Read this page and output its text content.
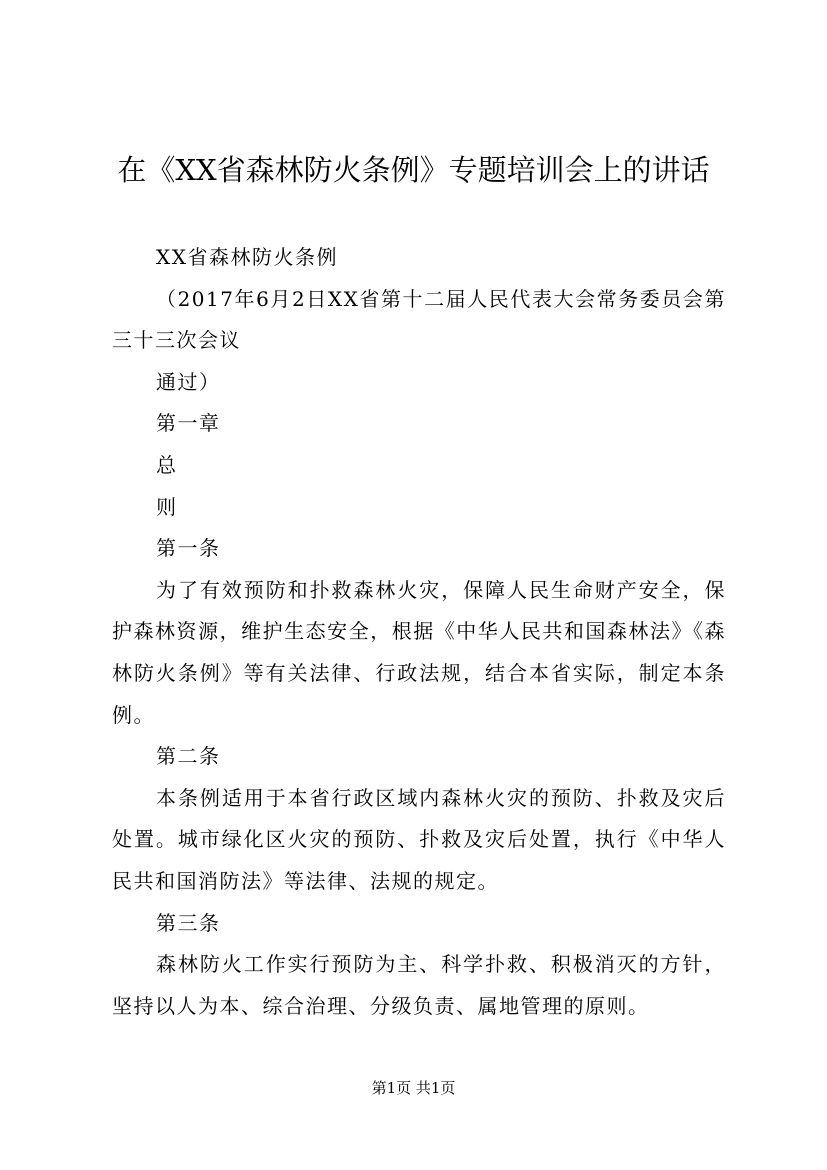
在《XX省森林防火条例》专题培训会上的讲话

XX省森林防火条例

（2017年6月2日XX省第十二届人民代表大会常务委员会第三十三次会议

通过）

第一章

总

则

第一条

为了有效预防和扑救森林火灾，保障人民生命财产安全，保护森林资源，维护生态安全，根据《中华人民共和国森林法》《森林防火条例》等有关法律、行政法规，结合本省实际，制定本条例。

第二条

本条例适用于本省行政区域内森林火灾的预防、扑救及灾后处置。城市绿化区火灾的预防、扑救及灾后处置，执行《中华人民共和国消防法》等法律、法规的规定。

第三条

森林防火工作实行预防为主、科学扑救、积极消灭的方针，坚持以人为本、综合治理、分级负责、属地管理的原则。

第1页 共1页
